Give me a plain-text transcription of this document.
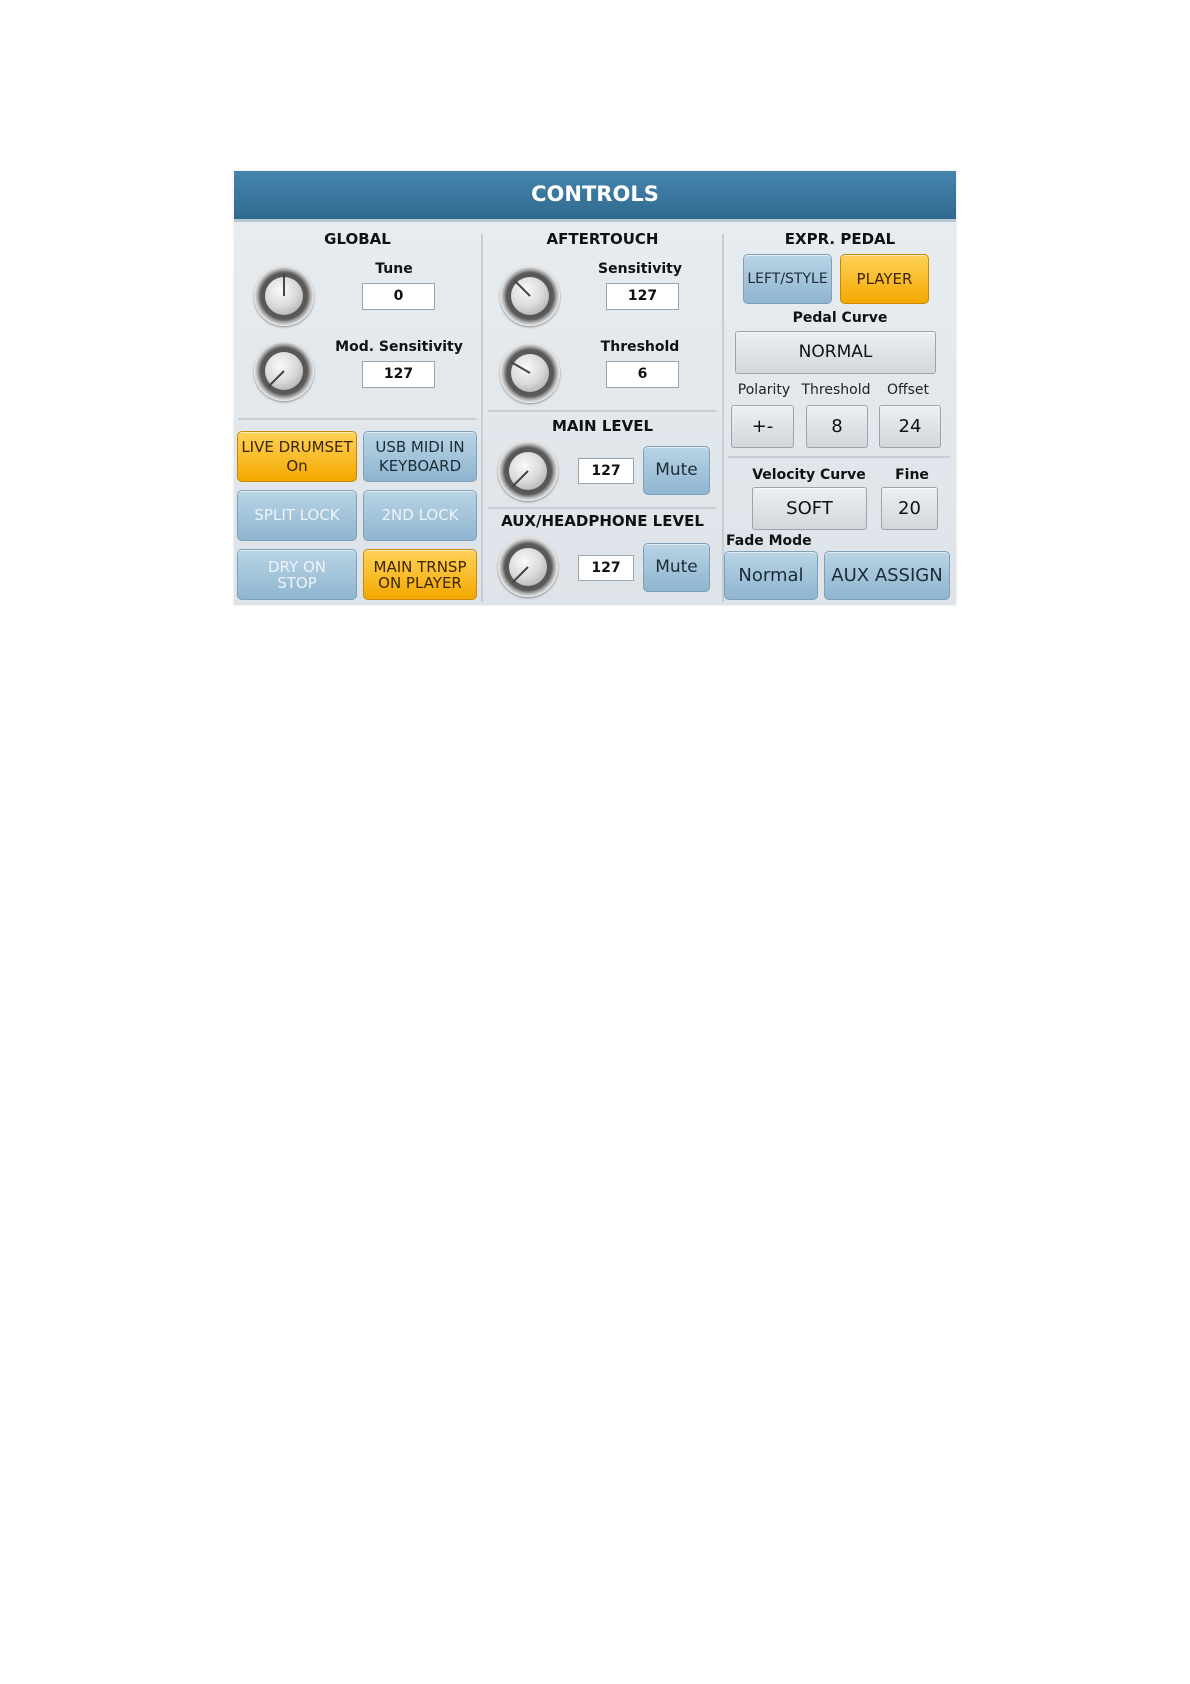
CONTROLS
GLOBAL
Tune
0
Mod. Sensitivity
127
LIVE DRUMSET
On
USB MIDI IN
KEYBOARD
SPLIT LOCK	2ND LOCK
DRY ON
STOP
MAIN TRNSP
ON PLAYER
AFTERTOUCH
Sensitivity
127
Threshold
6
MAIN LEVEL
127	Mute
AUX/HEADPHONE LEVEL
127	Mute
EXPR. PEDAL
LEFT/STYLE	PLAYER
Pedal Curve
NORMAL
Polarity Threshold	Offset
+-	8	24
Velocity Curve	Fine
SOFT	20
Fade Mode
Normal	AUX ASSIGN
